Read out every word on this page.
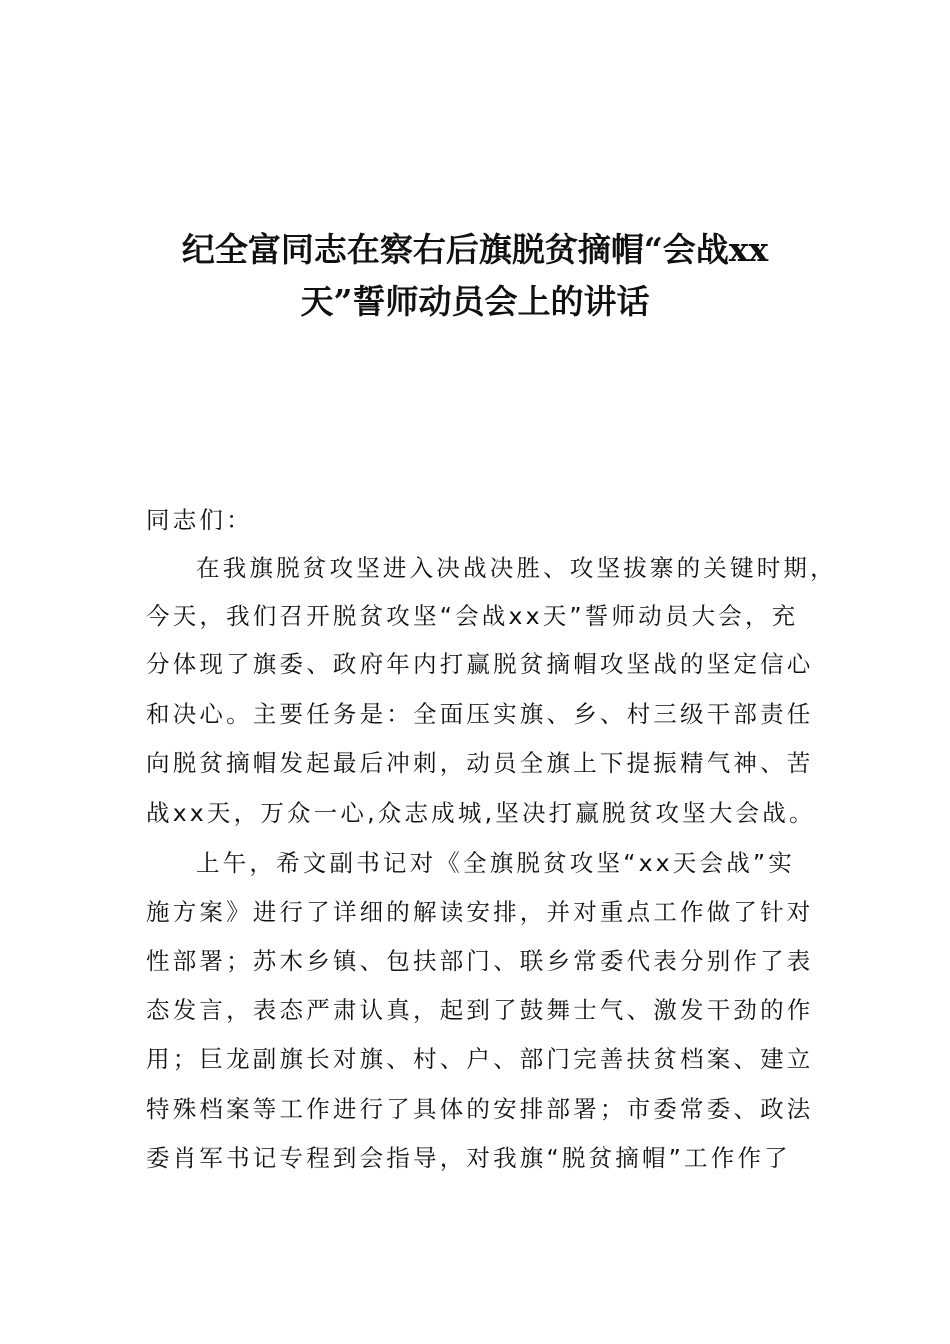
纪全富同志在察右后旗脱贫摘帽“会战xx
天”誓师动员会上的讲话

同志们：

在我旗脱贫攻坚进入决战决胜、攻坚拔寨的关键时期，

今天，我们召开脱贫攻坚“会战xx天”誓师动员大会，充

分体现了旗委、政府年内打赢脱贫摘帽攻坚战的坚定信心

和决心。主要任务是：全面压实旗、乡、村三级干部责任

向脱贫摘帽发起最后冲刺，动员全旗上下提振精气神、苦

战xx天，万众一心,众志成城,坚决打赢脱贫攻坚大会战。

上午，希文副书记对《全旗脱贫攻坚“xx天会战”实

施方案》进行了详细的解读安排，并对重点工作做了针对

性部署；苏木乡镇、包扶部门、联乡常委代表分别作了表

态发言，表态严肃认真，起到了鼓舞士气、激发干劲的作

用；巨龙副旗长对旗、村、户、部门完善扶贫档案、建立

特殊档案等工作进行了具体的安排部署；市委常委、政法

委肖军书记专程到会指导，对我旗“脱贫摘帽”工作作了
